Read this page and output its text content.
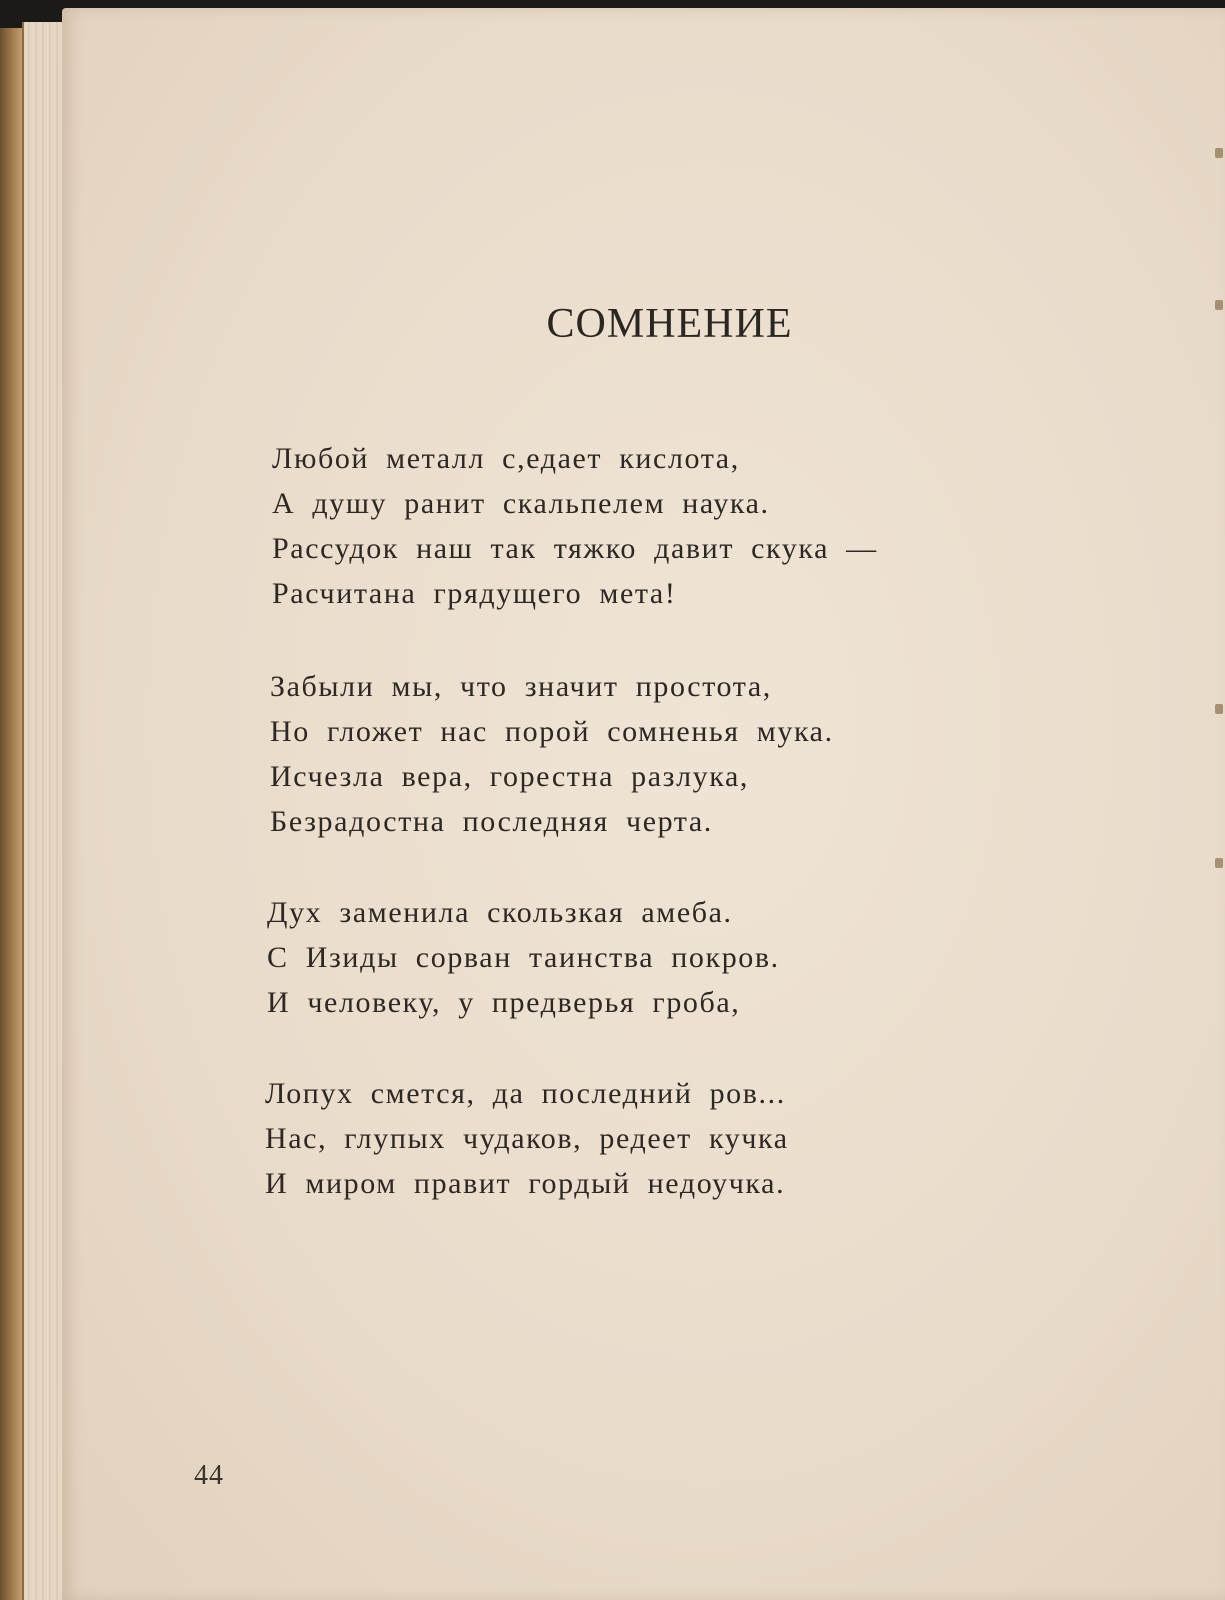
СОМНЕНИЕ
Любой металл с,едает кислота,
А душу ранит скальпелем наука.
Рассудок наш так тяжко давит скука —
Расчитана грядущего мета!
Забыли мы, что значит простота,
Но гложет нас порой сомненья мука.
Исчезла вера, горестна разлука,
Безрадостна последняя черта.
Дух заменила скользкая амеба.
С Изиды сорван таинства покров.
И человеку, у предверья гроба,
Лопух смется, да последний ров...
Нас, глупых чудаков, редеет кучка
И миром правит гордый недоучка.
44
